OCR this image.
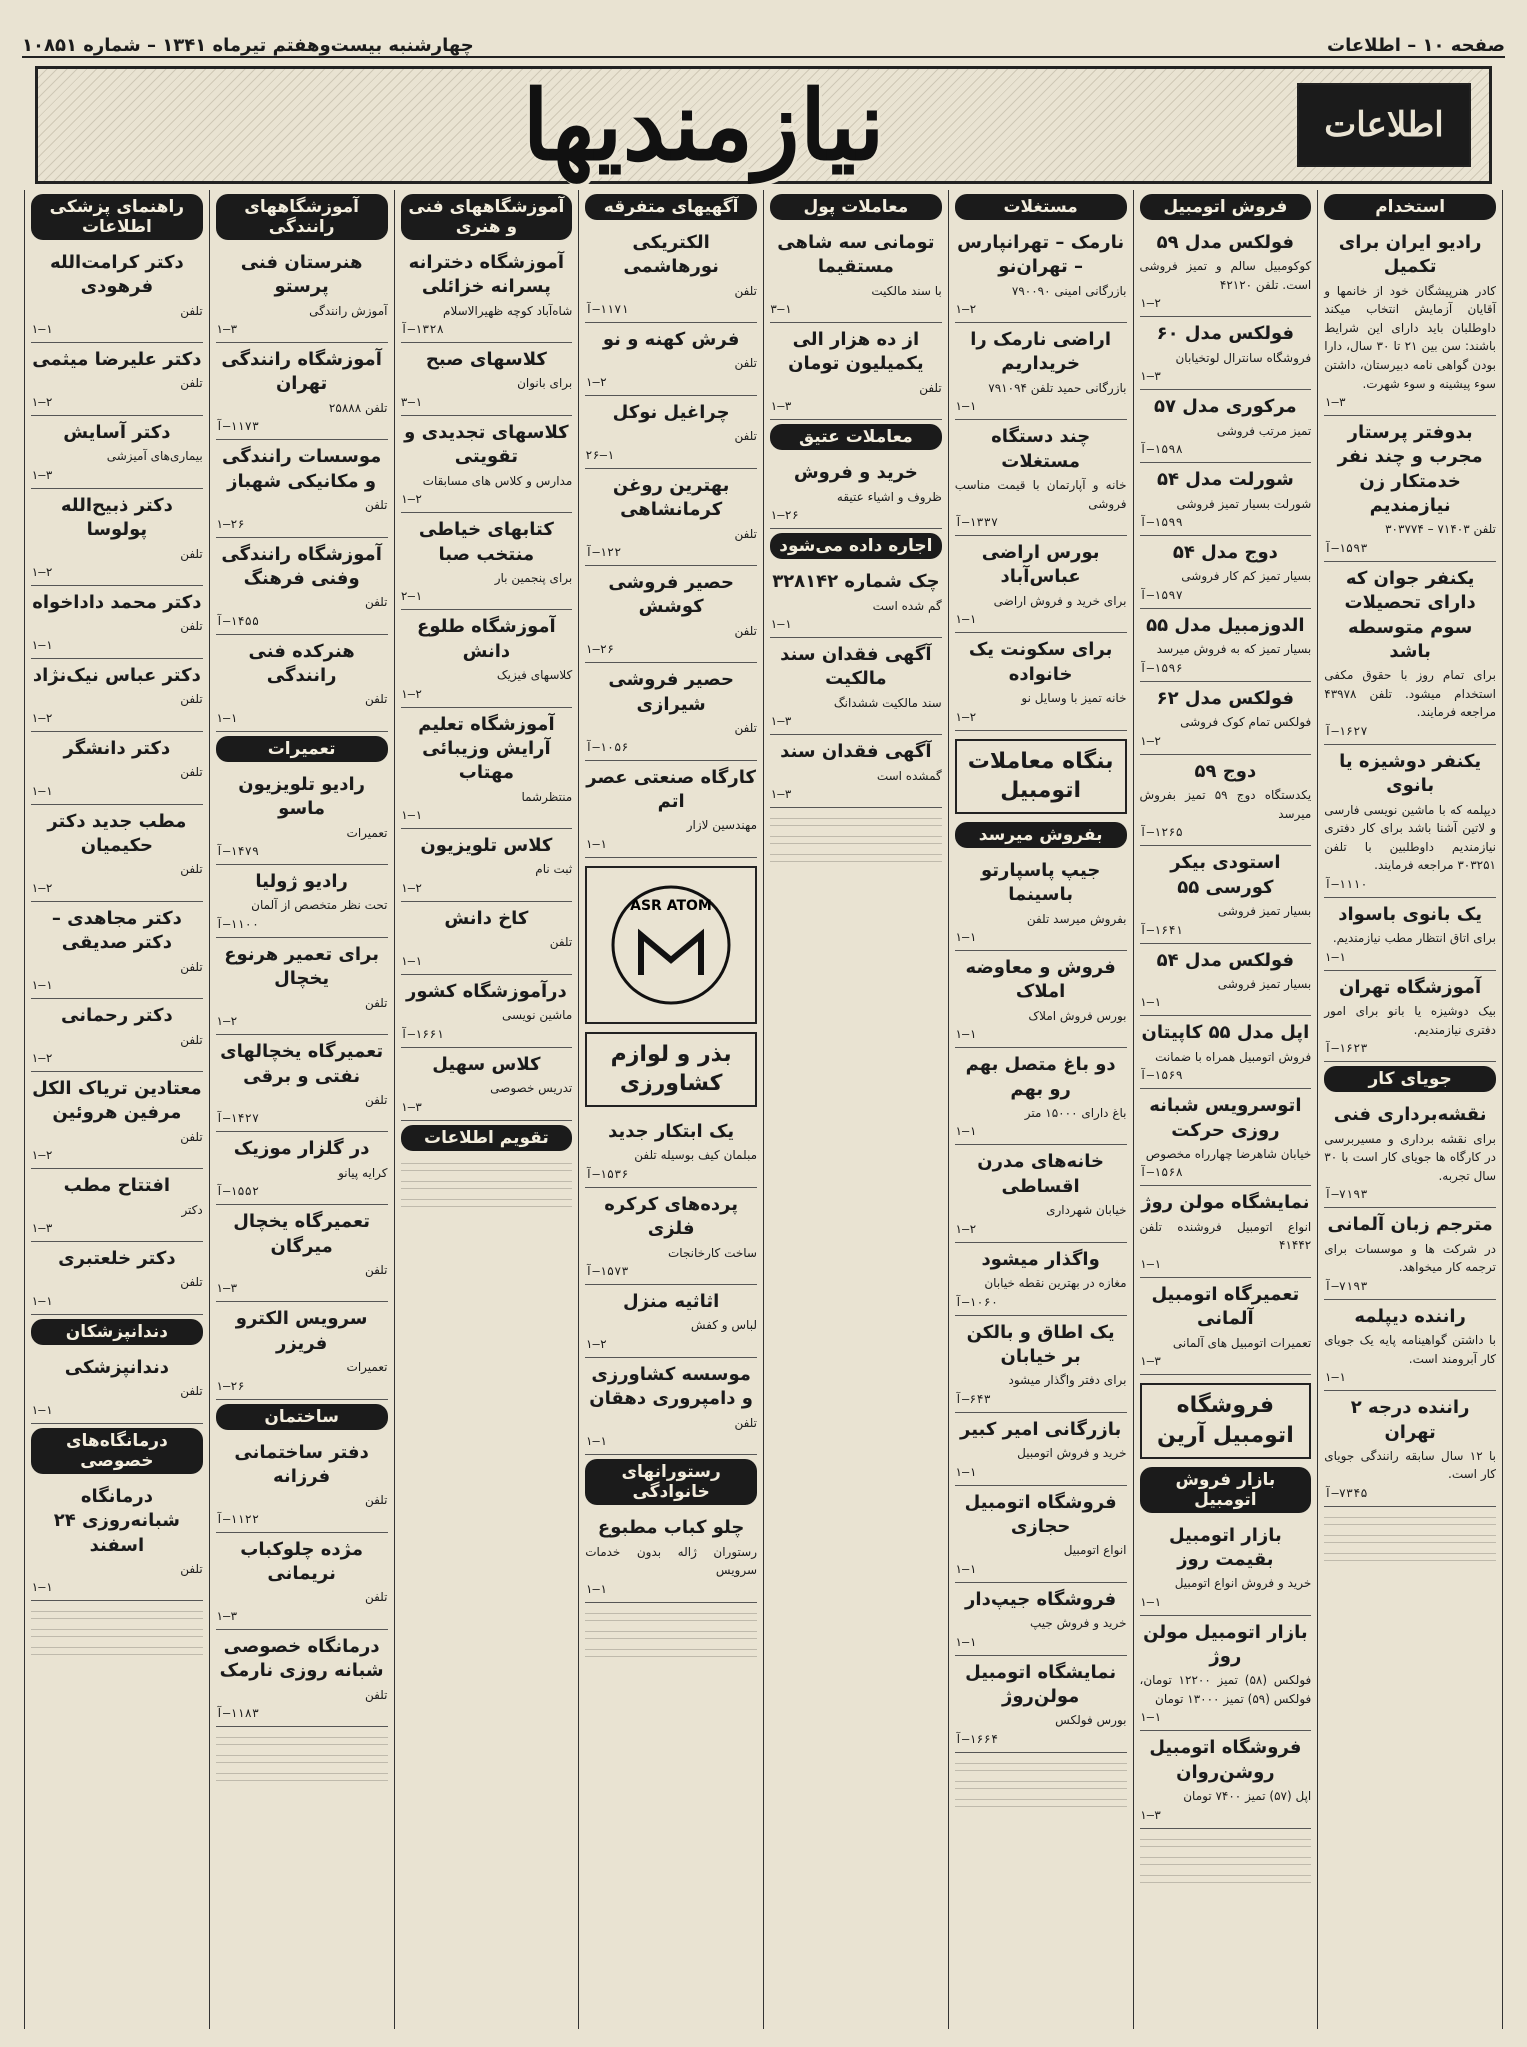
صفحه ۱۰ – اطلاعات
چهارشنبه بیست‌وهفتم تیرماه ۱۳۴۱ – شماره ۱۰۸۵۱
اطلاعات
نیازمندیها
استخدام
رادیو ایران برای تکمیل
کادر هنرپیشگان خود از خانمها و آقایان آزمایش انتخاب میکند داوطلبان باید دارای این شرایط باشند: سن بین ۲۱ تا ۳۰ سال، دارا بودن گواهی نامه دبیرستان، داشتن سوء پیشینه و سوء شهرت.
۳–۱
بدوفتر پرستار مجرب و چند نفر خدمتکار زن نیازمندیم
تلفن ۷۱۴۰۳ – ۳۰۳۷۷۴
۱۵۹۳–آ
یکنفر جوان که دارای تحصیلات سوم متوسطه باشد
برای تمام روز با حقوق مکفی استخدام میشود. تلفن ۴۳۹۷۸ مراجعه فرمایند.
۱۶۲۷–آ
یکنفر دوشیزه یا بانوی
دیپلمه که با ماشین نویسی فارسی و لاتین آشنا باشد برای کار دفتری نیازمندیم داوطلبین با تلفن ۳۰۳۲۵۱ مراجعه فرمایند.
۱۱۱۰–آ
یک بانوی باسواد
برای اتاق انتظار مطب نیازمندیم.
۱–۱
آموزشگاه تهران
بیک دوشیزه یا بانو برای امور دفتری نیازمندیم.
۱۶۲۳–آ
جویای کار
نقشه‌برداری فنی
برای نقشه برداری و مسیربرسی در کارگاه ها جویای کار است با ۳۰ سال تجربه.
۷۱۹۳–آ
مترجم زبان آلمانی
در شرکت ها و موسسات برای ترجمه کار میخواهد.
۷۱۹۳–آ
راننده دیپلمه
با داشتن گواهینامه پایه یک جویای کار آبرومند است.
۱–۱
راننده درجه ۲ تهران
با ۱۲ سال سابقه رانندگی جویای کار است.
۷۳۴۵–آ
فروش اتومبیل
فولکس مدل ۵۹
کوکومبیل سالم و تمیز فروشی است. تلفن ۴۲۱۲۰
۲–۱
فولکس مدل ۶۰
فروشگاه سانترال لوتخیابان
۳–۱
مرکوری مدل ۵۷
تمیز مرتب فروشی
۱۵۹۸–آ
شورلت مدل ۵۴
شورلت بسیار تمیز فروشی
۱۵۹۹–آ
دوج مدل ۵۴
بسیار تمیز کم کار فروشی
۱۵۹۷–آ
الدوزمبیل مدل ۵۵
بسیار تمیز که به فروش میرسد
۱۵۹۶–آ
فولکس مدل ۶۲
فولکس تمام کوک فروشی
۲–۱
دوج ۵۹
یکدستگاه دوج ۵۹ تمیز بفروش میرسد
۱۲۶۵–آ
استودی بیکر کورسی ۵۵
بسیار تمیز فروشی
۱۶۴۱–آ
فولکس مدل ۵۴
بسیار تمیز فروشی
۱–۱
اپل مدل ۵۵ کاپیتان
فروش اتومبیل همراه با ضمانت
۱۵۶۹–آ
اتوسرویس شبانه روزی حرکت
خیابان شاهرضا چهارراه مخصوص
۱۵۶۸–آ
نمایشگاه مولن روژ
انواع اتومبیل فروشنده تلفن ۴۱۴۴۲
۱–۱
تعمیرگاه اتومبیل آلمانی
تعمیرات اتومبیل های آلمانی
۳–۱
فروشگاه اتومبیل آرین
بازار فروش اتومبیل
بازار اتومبیل بقیمت روز
خرید و فروش انواع اتومبیل
۱–۱
بازار اتومبیل مولن روژ
فولکس (۵۸) تمیز ۱۲۲۰۰ تومان، فولکس (۵۹) تمیز ۱۳۰۰۰ تومان
۱–۱
فروشگاه اتومبیل روشن‌روان
اپل (۵۷) تمیز ۷۴۰۰ تومان
۳–۱
مستغلات
نارمک – تهرانپارس – تهران‌نو
بازرگانی امینی ۷۹۰۰۹۰
۲–۱
اراضی نارمک را خریداریم
بازرگانی حمید تلفن ۷۹۱۰۹۴
۱–۱
چند دستگاه مستغلات
خانه و آپارتمان با قیمت مناسب فروشی
۱۳۳۷–آ
بورس اراضی عباس‌آباد
برای خرید و فروش اراضی
۱–۱
برای سکونت یک خانواده
خانه تمیز با وسایل نو
۲–۱
بنگاه معاملات اتومبیل
بفروش میرسد
جیپ پاسپارتو باسینما
بفروش میرسد تلفن
۱–۱
فروش و معاوضه املاک
بورس فروش املاک
۱–۱
دو باغ متصل بهم رو بهم
باغ دارای ۱۵۰۰۰ متر
۱–۱
خانه‌های مدرن اقساطی
خیابان شهرداری
۲–۱
واگذار میشود
مغازه در بهترین نقطه خیابان
۱۰۶۰–آ
یک اطاق و بالکن بر خیابان
برای دفتر واگذار میشود
۶۴۳–آ
بازرگانی امیر کبیر
خرید و فروش اتومبیل
۱–۱
فروشگاه اتومبیل حجازی
انواع اتومبیل
۱–۱
فروشگاه جیپ‌دار
خرید و فروش جیپ
۱–۱
نمایشگاه اتومبیل مولن‌روژ
بورس فولکس
۱۶۶۴–آ
معاملات پول
تومانی سه شاهی مستقیما
با سند مالکیت
۱–۳
از ده هزار الی یکمیلیون تومان
تلفن
۳–۱
معاملات عتیق
خرید و فروش
ظروف و اشیاء عتیقه
۲۶–۱
اجاره داده می‌شود
چک شماره ۳۲۸۱۴۲
گم شده است
۱–۱
آگهی فقدان سند مالکیت
سند مالکیت ششدانگ
۳–۱
آگهی فقدان سند
گمشده است
۳–۱
آگهیهای متفرقه
الکتریکی نورهاشمی
تلفن
۱۱۷۱–آ
فرش کهنه و نو
تلفن
۲–۱
چراغیل نوکل
تلفن
۱–۲۶
بهترین روغن کرمانشاهی
تلفن
۱۲۲–آ
حصیر فروشی کوشش
تلفن
۲۶–۱
حصیر فروشی شیرازی
تلفن
۱۰۵۶–آ
کارگاه صنعتی عصر اتم
مهندسین لازار
۱–۱
ASR ATOM
بذر و لوازم کشاورزی
یک ابتکار جدید
مبلمان کیف بوسیله تلفن
۱۵۳۶–آ
پرده‌های کرکره فلزی
ساخت کارخانجات
۱۵۷۳–آ
اثاثیه منزل
لباس و کفش
۲–۱
موسسه کشاورزی و دامپروری دهقان
تلفن
۱–۱
رستورانهای خانوادگی
چلو کباب مطبوع
رستوران ژاله بدون خدمات سرویس
۱–۱
آموزشگاههای فنی و هنری
آموزشگاه دخترانه پسرانه خزائلی
شاه‌آباد کوچه ظهیرالاسلام
۱۳۲۸–آ
کلاسهای صبح
برای بانوان
۱–۳
کلاسهای تجدیدی و تقویتی
مدارس و کلاس های مسابقات
۲–۱
کتابهای خیاطی منتخب صبا
برای پنجمین بار
۱–۲
آموزشگاه طلوع دانش
کلاسهای فیزیک
۲–۱
آموزشگاه تعلیم آرایش وزیبائی مهتاب
منتظرشما
۱–۱
کلاس تلویزیون
ثبت نام
۲–۱
کاخ دانش
تلفن
۱–۱
درآموزشگاه کشور
ماشین نویسی
۱۶۶۱–آ
کلاس سهیل
تدریس خصوصی
۳–۱
تقویم اطلاعات
آموزشگاههای رانندگی
هنرستان فنی پرستو
آموزش رانندگی
۳–۱
آموزشگاه رانندگی تهران
تلفن ۲۵۸۸۸
۱۱۷۳–آ
موسسات رانندگی و مکانیکی شهباز
تلفن
۲۶–۱
آموزشگاه رانندگی وفنی فرهنگ
تلفن
۱۴۵۵–آ
هنرکده فنی رانندگی
تلفن
۱–۱
تعمیرات
رادیو تلویزیون ماسو
تعمیرات
۱۴۷۹–آ
رادیو ژولیا
تحت نظر متخصص از آلمان
۱۱۰۰–آ
برای تعمیر هرنوع یخچال
تلفن
۲–۱
تعمیرگاه یخچالهای نفتی و برقی
تلفن
۱۴۲۷–آ
در گلزار موزیک
کرایه پیانو
۱۵۵۲–آ
تعمیرگاه یخچال میرگان
تلفن
۳–۱
سرویس الکترو فریزر
تعمیرات
۲۶–۱
ساختمان
دفتر ساختمانی فرزانه
تلفن
۱۱۲۲–آ
مژده چلوکباب نریمانی
تلفن
۳–۱
درمانگاه خصوصی شبانه روزی نارمک
تلفن
۱۱۸۳–آ
راهنمای پزشکی اطلاعات
دکتر کرامت‌الله فرهودی
تلفن
۱–۱
دکتر علیرضا میثمی
تلفن
۲–۱
دکتر آسایش
بیماری‌های آمیزشی
۳–۱
دکتر ذبیح‌الله پولوسا
تلفن
۲–۱
دکتر محمد داداخواه
تلفن
۱–۱
دکتر عباس نیک‌نژاد
تلفن
۲–۱
دکتر دانشگر
تلفن
۱–۱
مطب جدید دکتر حکیمیان
تلفن
۲–۱
دکتر مجاهدی – دکتر صدیقی
تلفن
۱–۱
دکتر رحمانی
تلفن
۲–۱
معتادین تریاک الکل مرفین هروئین
تلفن
۲–۱
افتتاح مطب
دکتر
۳–۱
دکتر خلعتبری
تلفن
۱–۱
دندانپزشکان
دندانپزشکی
تلفن
۱–۱
درمانگاه‌های خصوصی
درمانگاه شبانه‌روزی ۲۴ اسفند
تلفن
۱–۱
